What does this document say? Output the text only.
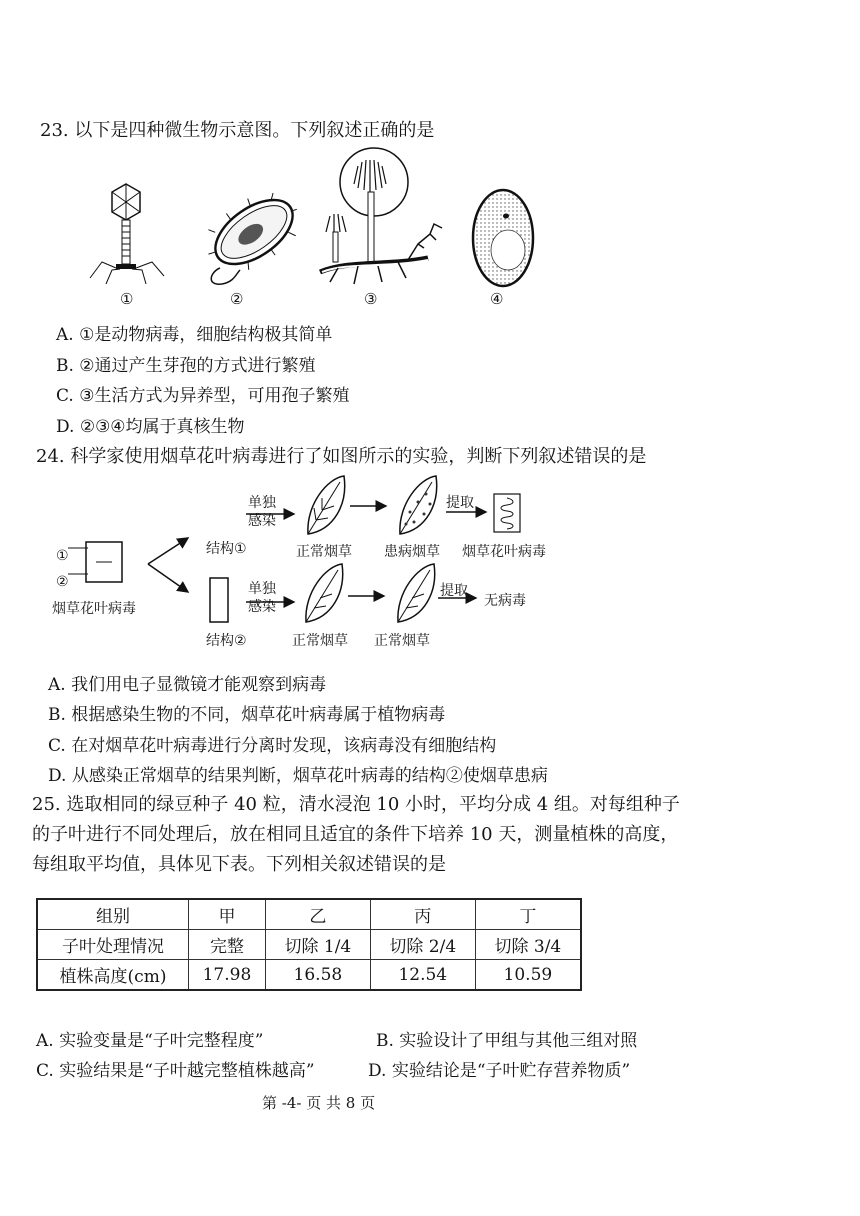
23. 以下是四种微生物示意图。下列叙述正确的是
①	②	③	④
A. ①是动物病毒，细胞结构极其简单
B. ②通过产生芽孢的方式进行繁殖
C. ③生活方式为异养型，可用孢子繁殖
D. ②③④均属于真核生物
24. 科学家使用烟草花叶病毒进行了如图所示的实验，判断下列叙述错误的是
①
②
烟草花叶病毒
单独
感染
结构①	正常烟草 患病烟草
提取
烟草花叶病毒
单独
感染
结构②	正常烟草 正常烟草
提取
无病毒
A. 我们用电子显微镜才能观察到病毒
B. 根据感染生物的不同，烟草花叶病毒属于植物病毒
C. 在对烟草花叶病毒进行分离时发现，该病毒没有细胞结构
D. 从感染正常烟草的结果判断，烟草花叶病毒的结构②使烟草患病
25. 选取相同的绿豆种子 40 粒，清水浸泡 10 小时，平均分成 4 组。对每组种子
的子叶进行不同处理后，放在相同且适宜的条件下培养 10 天，测量植株的高度，
每组取平均值，具体见下表。下列相关叙述错误的是
组别	甲	乙	丙	丁
子叶处理情况	完整	切除 1/4	切除 2/4	切除 3/4
植株高度(cm)	17.98	16.58	12.54	10.59
A. 实验变量是“子叶完整程度”	B. 实验设计了甲组与其他三组对照
C. 实验结果是“子叶越完整植株越高”	D. 实验结论是“子叶贮存营养物质”
第 -4- 页 共 8 页
